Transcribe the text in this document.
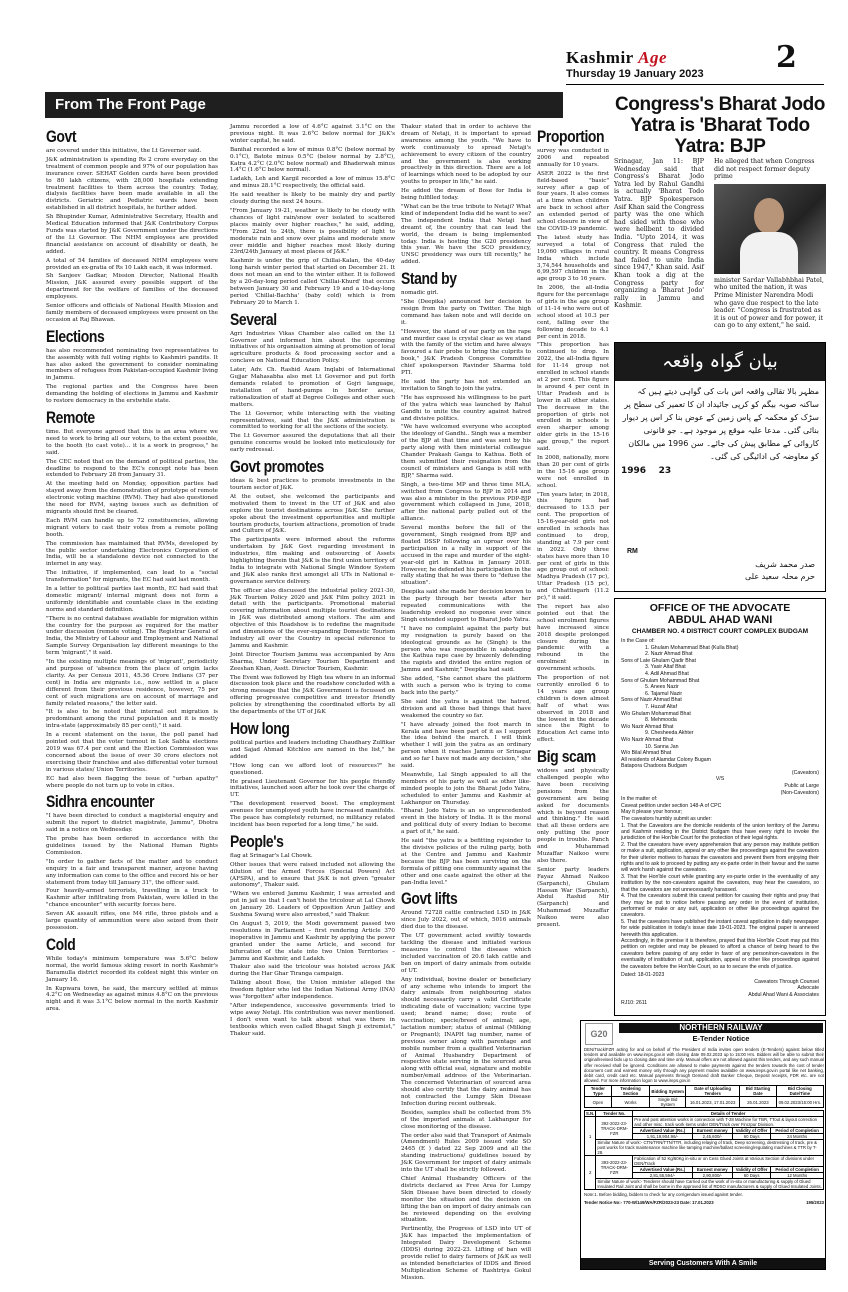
Kashmir Age
Thursday 19 January 2023 2
From The Front Page
Govt

are covered under this initiative, the Lt Governor said.

J&K administration is spending Rs 2 crore everyday on the treatment of common people and 97% of our population has insurance cover. SEHAT Golden cards have been provided to 80 lakh citizens, with 28,000 hospitals extending treatment facilities to them across the country. Today, dialysis facilities have been made available in all the districts. Geriatric and Pediatric wards have been established in all district hospitals, he further added.

Sh Bhupinder Kumar, Administrative Secretary, Health and Medical Education informed that J&K Contributory Corpus Funds was started by J&K Government under the directions of the Lt Governor. The NHM employees are provided financial assistance on account of disability or death, he added.

A total of 54 families of deceased NHM employees were provided an ex-gratia of Rs 10 Lakh each, it was informed.

Sh Sanjeev Gadkar, Mission Director, National Health Mission, J&K assured every possible support of the department for the welfare of families of the deceased employees.

Senior officers and officials of National Health Mission and family members of deceased employees were present on the occasion at Raj Bhawan.

Elections

has also recommended nominating two representatives to the assembly with full voting rights to Kashmiri pandits. It has also asked the government to consider nominating members of refugees from Pakistan-occupied Kashmir living in Jammu.

The regional parties and the Congress have been demanding the holding of elections in Jammu and Kashmir to restore democracy in the erstwhile state.

Remote

time. But everyone agreed that this is an area where we need to work to bring all our voters, to the extent possible, to the booth (to cast vote)... it is a work in progress," he said.

The CEC noted that on the demand of political parties, the deadline to respond to the EC's concept note has been extended to February 28 from January 31.

At the meeting held on Monday, opposition parties had stayed away from the demonstration of prototype of remote electronic voting machine (RVM). They had also questioned the need for RVM, saying issues such as definition of migrants should first be cleared.

Each RVM can handle up to 72 constituencies, allowing migrant voters to cast their votes from a remote polling booth.

The commission has maintained that RVMs, developed by the public sector undertaking Electronics Corporation of India, will be a standalone device not connected to the internet in any way.

The initiative, if implemented, can lead to a "social transformation" for migrants, the EC had said last month.

In a letter to political parties last month, EC had said that domestic migrant/ internal migrant does not form a uniformly identifiable and countable class in the existing norms and standard definition.

"There is no central database available for migration within the country for the purpose as required for the matter under discussion (remote voting). The Registrar General of India, the Ministry of Labour and Employment and National Sample Survey Organisation lay different meanings to the term 'migrant'," it said.

"In the existing multiple meanings of 'migrant', periodicity and purpose of 'absence from the place of origin lacks clarity. As per Census 2011, 45.36 Crore Indians (37 per cent) in India are migrants i.e., now settled in a place different from their previous residence, however, 75 per cent of such migrations are on account of marriage and family related reasons," the letter said.

"It is also to be noted that internal out migration is predominant among the rural population and it is mostly intra-state (approximately 85 per cent)," it said.

In a recent statement on the issue, the poll panel had pointed out that the voter turnout in Lok Sabha elections 2019 was 67.4 per cent and the Election Commission was concerned about the issue of over 30 crore electors not exercising their franchise and also differential voter turnout in various states/ Union Territories.

EC had also been flagging the issue of "urban apathy" where people do not turn up to vote in cities.

Sidhra encounter

"I have been directed to conduct a magisterial enquiry and submit the report to district magistrate, Jammu", Dhotra said in a notice on Wednesday.

The probe has been ordered in accordance with the guidelines issued by the National Human Rights Commission.

"In order to gather facts of the matter and to conduct enquiry in a fair and transparent manner, anyone having any information can come to the office and record his or her statement from today till January 31", the officer said.

Four heavily-armed terrorists, travelling in a truck to Kashmir after infiltrating from Pakistan, were killed in the "chance encounter" with security forces here.

Seven AK assault rifles, one M4 rifle, three pistols and a large quantity of ammunition were also seized from their possession.

Cold

While today's minimum temperature was 5.6°C below normal, the world famous skiing resort in north Kashmir's Baramulla district recorded its coldest night this winter on January 16.

In Kupwara town, he said, the mercury settled at minus 4.2°C on Wednesday as against minus 4.8°C on the previous night and it was 3.1°C below normal in the north Kashmir area.

Jammu recorded a low of 4.6°C against 3.1°C on the previous night. It was 2.6°C below normal for J&K's winter capital, he said.

Banihal recorded a low of minus 0.8°C (below normal by 0.1°C), Batote minus 0.5°C (below normal by 2.8°C), Katra 4.2°C (2.0°C below normal) and Bhaderwah minus 1.4°C (1.6°C below normal).

Ladakh, Leh and Kargil recorded a low of minus 15.8°C and minus 28.1°C respectively, the official said.

He said weather is likely to be mainly dry and partly cloudy during the next 24 hours.

"From January 19-21, weather is likely to be cloudy with chances of light rain/snow over isolated to scattered places mainly over higher reaches," he said, adding, "From 22nd to 24th, there is possibility of light to moderate rain and snow over plains and moderate snow over middle and higher reaches most likely during 23rd/24th January at most places of J&K."

Kashmir is under the grip of Chillai-Kalan, the 40-day long harsh winter period that started on December 21. It does not mean an end to the winter either. It is followed by a 20-day-long period called 'Chillai-Khurd' that occurs between January 30 and February 19 and a 10-day-long period 'Chillai-Bachha' (baby cold) which is from February 20 to March 1.

Several

Agri Industries Vikas Chamber also called on the Lt Governor and informed him about the upcoming initiatives of his organisation aiming at promotion of local agriculture products & food processing sector and a conclave on National Education Policy.

Later, Adv. Ch. Rashid Azam Inqlabi of International Gujjar Mahasabha also met Lt Governor and put forth demands related to promotion of Gojri language, installation of hand-pumps in border areas, rationalization of staff at Degree Colleges and other such matters.

The Lt Governor, while interacting with the visiting representatives, said that the J&K administration is committed to working for all the sections of the society.

The Lt Governor assured the deputations that all their genuine concerns would be looked into meticulously for early redressal.

Govt promotes

ideas & best practices to promote investments in the tourism sector of J&K.

At the outset, she welcomed the participants and motivated them to invest in the UT of J&K and also explore the tourist destinations across J&K. She further spoke about the investment opportunities and multiple tourism products, tourism attractions, promotion of trade and Culture of J&K.

The participants were informed about the reforms undertaken by J&K Govt regarding investment in industries, film making and outsourcing of Assets highlighting therein that J&K is the first union territory of India to integrate with National Single Window System and J&K also ranks first amongst all UTs in National e-governance service delivery.

The officer also discussed the industrial policy 2021-30, J&K Tourism Policy 2020 and J&K Film policy 2021 in detail with the participants. Promotional material covering information about multiple tourist destinations in J&K was distributed among visitors. The aim and objective of this Roadshow is to redefine the magnitude and dimensions of the ever-expanding Domestic Tourism Industry all over the Country in special reference to Jammu and Kashmir.

Joint Director Tourism Jammu was accompanied by Anu Sharma, Under Secretary Tourism Department and Zeeshan Khan, Asstt. Director Tourism, Kashmir.

The Event was followed by High tea where in an informal discussion took place and the roadshow concluded with a strong message that the J&K Government is focussed on offering progressive competitive and investor friendly policies by strengthening the coordinated efforts by all the departments of the UT of J&K

How long

political parties and leaders including Chaudhary Zulfikar and Sajad Ahmad Kitchloo are named in the list," he added

"How long can we afford loot of resources?" he questioned.

He praised Lieutenant Governor for his people friendly initiatives, launched soon after he took over the charge of UT.

"The development reserved boost. The employment avenues for unemployed youth have increased manifolds. The peace has completely returned, no militancy related incident has been reported for a long time," he said.

People's

flag at Srinagar's Lal Chowk.

Other issues that were raised included not allowing the dilution of the Armed Forces (Special Powers) Act (AFSPA), and to ensure that J&K is not given "greater autonomy", Thakur said.

"When we entered Jammu Kashmir, I was arrested and put in jail so that I can't hoist the tricolour at Lal Chowk on January 26. Leaders of Opposition Arun Jaitley and Sushma Swaraj were also arrested," said Thakur.

On August 5, 2019, the Modi government passed two resolutions in Parliament – first rendering Article 370 inoperative in Jammu and Kashmir by applying the power granted under the same Article, and second for bifurcation of the state into two Union Territories – Jammu and Kashmir, and Ladakh.

Thakur also said the tricolour was hoisted across J&K during the Har Ghar Tiranga campaign.

Talking about Bose, the Union minister alleged the freedom fighter who led the Indian National Army (INA) was "forgotten" after independence.

"After independence, successive governments tried to wipe away Netaji. His contribution was never mentioned. I don't even want to talk about what was there in textbooks which even called Bhagat Singh ji extremist," Thakur said.

Thakur stated that in order to achieve the dream of Netaji, it is important to spread awareness among the youth. "We have to work continuously to spread Netaji's achievement to every citizen of the country and the government is also working proactively in this direction. There are a lot of learnings which need to be adopted by our youths to prosper in life," he said.

He added the dream of Bose for India is being fulfilled today.

"What can be the true tribute to Netaji? What kind of independent India did he want to see? The independent India that Netaji had dreamt of, the country that can lead the world, the dream is being implemented today. India is hosting the G20 presidency this year. We have the SCO presidency, UNSC presidency was ours till recently," he added.

Stand by

nomadic girl.

"She (Deepika) announced her decision to resign from the party on Twitter. The high command has taken note and will decide on it.

"However, the stand of our party on the rape and murder case is crystal clear as we stand with the family of the victim and have always favoured a fair probe to bring the culprits to book," J&K Pradesh Congress Committee chief spokesperson Ravinder Sharma told PTI.

He said the party has not extended an invitation to Singh to join the yatra.

"He has expressed his willingness to be part of the yatra which was launched by Rahul Gandhi to unite the country against hatred and divisive politics.

"We have welcomed everyone who accepted the ideology of Gandhi.. Singh was a member of the BJP at that time and was sent by his party along with then ministerial colleague Chander Prakash Ganga to Kathua. Both of them submitted their resignation from the council of ministers and Ganga is still with BJP," Sharma said.

Singh, a two-time MP and three time MLA, switched from Congress to BJP in 2014 and was also a minister in the previous PDP-BJP government which collapsed in June, 2018, after the national party pulled out of the alliance.

Several months before the fall of the government, Singh resigned from BJP and floated DSSP following an uproar over his participation in a rally in support of the accused in the rape and murder of the eight-year-old girl in Kathua in January 2018. However, he defended his participation in the rally stating that he was there to "defuse the situation".

Deepika said she made her decision known to the party through her tweets after her repeated communications with the leadership evoked no response ever since Singh extended support to Bharat Jodo Yatra.

"I have no complaint against the party but my resignation is purely based on the ideological grounds as he (Singh) is the person who was responsible in sabotaging the Kathua rape case by brazenly defending the rapists and divided the entire region of Jammu and Kashmir," Deepika had said.

She added, "She cannot share the platform with such a person who is trying to come back into the party."

She said the yatra is against the hatred, division and all those bad things that have weakened the country so far.

"I have already joined the foot march in Kerala and have been part of it as I support the idea behind the march. I will think whether I will join the yatra as an ordinary person when it reaches Jammu or Srinagar and so far I have not made any decision," she said.

Meanwhile, Lal Singh appealed to all the members of his party as well as other like-minded people to join the Bharat Jodo Yatra, scheduled to enter Jammu and Kashmir at Lakhanpur on Thursday.

"Bharat Jodo Yatra is an so unprecedented event in the history of India. It is the moral and political duty of every Indian to become a part of it," he said.

He said "the yatra is a befitting rejoinder to the divisive policies of the ruling party, both at the Centre and Jammu and Kashmir because the BJP has been surviving on the formula of pitting one community against the other and one caste against the other at the pan-India level."

Govt lifts

Around 72728 cattle contracted LSD in J&K since July 2022, out of which, 5016 animals died due to the disease.

The UT government acted swiftly towards tackling the disease and initiated various measures to control the disease which included vaccination of 20.6 lakh cattle and ban on import of dairy animals from outside of UT.

Any individual, bovine dealer or beneficiary of any scheme who intends to import the dairy animals from neighbouring states should necessarily carry a valid Certificate indicating date of vaccination; vaccine type used; brand name; dose; route of vaccination; specie/breed of animal; age, lactation number; status of animal (Milking or Pregnant); INAPH tag number, name of previous owner along with parentage and mobile number from a qualified Veterinarian of Animal Husbandry Department of respective state serving in the sourced area along with official seal, signature and mobile number/email address of the Veterinarian. The concerned Veterinarian of sourced area should also certify that the dairy animal has not contracted the Lumpy Skin Disease Infection during recent outbreak.

Besides, samples shall be collected from 5% of the imported animals at Lakhanpur for close monitoring of the disease.

The order also said that Transport of Animals (Amendment) Rules 2009 issued vide SO 2465 (E ) dated 22 Sep 2009 and all the standing instructions/ guidelines issued by J&K Government for import of dairy animals into the UT shall be strictly followed.

Chief Animal Husbandry Officers of the districts declared as Free Area for Lumpy Skin Disease have been directed to closely monitor the situation and the decision on lifting the ban on import of dairy animals can be reviewed depending on the evolving situation.

Pertinently, the Progress of LSD into UT of J&K has impacted the implementation of Integrated Dairy Development Scheme (IDDS) during 2022-23. Lifting of ban will provide relief to dairy farmers of J&K as well as intended beneficiaries of IDDS and Breed Multiplication Scheme of Rashtriya Gokul Mission.

Proportion

survey was conducted in 2006 and repeated annually for 10 years.

ASER 2022 is the first field-based "basic" survey after a gap of four years. It also comes at a time when children are back in school after an extended period of school closure in view of the COVID-19 pandemic.

The latest study has surveyed a total of 19,060 villages in rural India which include 3,74,544 households and 6,99,597 children in the age group 3 to 16 years.

In 2006, the all-India figure for the percentage of girls in the age group of 11-14 who were out of school stood at 10.3 per cent, falling over the following decade to 4.1 per cent in 2018.

"This proportion has continued to drop. In 2022, the all-India figure for 11-14 group not enrolled in school stands at 2 per cent. This figure is around 4 per cent in Uttar Pradesh and is lower in all other states. The decrease in the proportion of girls not enrolled in schools is even sharper among older girls in the 15-16 age group," the report said.

In 2008, nationally, more than 20 per cent of girls in the 15-16 age group were not enrolled in school.

"Ten years later, in 2018, this figure had decreased to 13.5 per cent. The proportion of 15-16-year-old girls not enrolled in schools has continued to drop, standing at 7.9 per cent in 2022. Only three states have more than 10 per cent of girls in this age group out of school: Madhya Pradesh (17 pc), Uttar Pradesh (15 pc), and Chhattisgarh (11.2 pc)," it said.

The report has also pointed out that the school enrolment figures have increased since 2018 despite prolonged closure during the pandemic with a rebound in the enrolment in government schools.

The proportion of not currently enrolled 6 to 14 years age group children is down almost half of what was observed in 2018 and the lowest in the decade since the Right to Education Act came into effect.

Big scam

widows and physically challenged people who have been receiving pensions from the government are being asked for documents which is beyond reason and thinking." He said that all these orders are only putting the poor people in trouble. Panch and Muhammad Muzaffar Naikoo were also there.

Senior party leaders Fayaz Ahmad Naikoo (Sarpanch), Ghulam Hassan War (Sarpanch), Abdul Rashid Mir (Sarpanch) and Muhammad Muzaffar Naikoo were also present.

Congress's Bharat Jodo Yatra is 'Bharat Todo Yatra: BJP
Srinagar, Jan 11: BJP Wednesday said that Congress's Bharat Jodo Yatra led by Rahul Gandhi is actually 'Bharat Todo Yatra. BJP Spokesperson Asif Khan said the Congress party was the one which had sided with those who were hellbent to divided India. "Upto 2014, it was Congress that ruled the country. It means Congress had failed to unite India since 1947," Khan said. Asif Khan took a dig at the Congress party for organizing a 'Bharat Jodo' rally in Jammu and Kashmir.
He alleged that when Congress did not respect former deputy prime
minister Sardar Vallabhbhai Patel, who united the nation, it was Prime Minister Narendra Modi who gave due respect to the late leader. "Congress is frustrated as it is out of power and for power, it can go to any extent," he said.
بیان گواہ واقعہ
مظہر بالا تقالی واقعہ اس بات کی گواہی دیتے ہیں کہ ساکنہ صوبہ بیگم کو کرپی جائیداد ان کا تعمیر کی سطح پر سڑک کو محکمہ کے پاس زمین کے عوض بنا کر اس پر دیوار بنائی گئی۔ مدعا علیہ موقع پر موجود ہے۔ جو قانونی کاروائی کے مطابق پیش کی جائے۔ سن 1996 میں مالکان کو معاوضہ کی ادائیگی کی گئی۔
1996 23
RM
صدر محمد شریف
حرم محلہ سعید علی
OFFICE OF THE ADVOCATE
ABDUL AHAD WANI
CHAMBER NO. 4 DISTRICT COURT COMPLEX BUDGAM
In the Case of:
1. Ghulam Mohammad Bhat (Kulla Bhat)
2. Nazir Ahmad Bhat
Sons of Late Ghulam Qadir Bhat
3. Yasir Altaf Bhat
4. Adil Ahmad Bhat
Sons of Ghulam Mohammad Bhat
5. Anees Nazir
6. Tajamul Nazir
Sons of Nazir Ahmad Bhat
7. Huzaif Altaf
W/o Ghulam Mohammad Bhat
8. Mehmooda
W/o Nazir Ahmad Bhat
9. Chesheeda Akhter
W/o Nazir Ahmad Bhat
10. Sanna Jan
W/o Bilal Ahmad Bhat
All residents of Alamdar Colony Bugam
Batapora Chadoora Budgam
(Caveators)
V/S
Public at Large
(Non-Caveators)
In the matter of:
Caveat petition under section 148-A of CPC
May it please your honour;
The caveators humbly submit as under:

1. That the Caveators are the domicile residents of the union territory of the Jammu and Kashmir residing in the District Budgam thus have every right to invoke the jurisdiction of the Hon'ble Court for the protection of their legal rights.

2. That the caveators have every apprehension that any person may institute petition or make a suit, application, appeal or any other like proceedings against the caveators for their ulterior motives to harass the caveators and prevent them from enjoying their rights and to ask to proceed by putting any ex-parte order in their favour and the same will work harsh against the caveators.

3. That the Hon'ble court while granting any ex-parte order in the eventuality of any institution by the non-caveators against the caveators, may hear the caveators, so that the caveators are not unnecessarily harassed.

4. That the caveators submit this caveat petition for causing their rights and pray that they may be put to notice before passing any order in the event of institution, performed or make or any suit, application or other like proceedings against the caveators.

5. That the caveators have published the instant caveat application in daily newspaper for wide publication in today's issue date 19-01-2023. The original paper is annexed herewith this application.

Accordingly, in the premise it is therefore, prayed that this Hon'ble Court may put this petition on register and may be pleased to afford a chance of being heard to the caveators before passing of any order in favor of any person/non-caveators in the eventuality of institution of suit, application, appeal or other like proceedings against the caveators before the Hon'ble Court, so as to secure the ends of justice.

Dated: 18-01-2023
Caveators Through Counsel
Advocate
Abdul Ahad Wani & Associates
RJ10: 2611
G20
NORTHERN RAILWAY
E-Tender Notice
DEN/Track/FZR acting for and on behalf of The President of India invites open tenders (E-Tenders) against below titled tenders and available on www.ireps.gov.in with closing date 09.02.2023 up to 15:00 Hrs. Bidders will be able to submit their original/revised bids up to closing date and time only. Manual offers are not allowed against this tenders, and any such manual offer received shall be ignored. Conditions are allowed to make payments against the tenders towards the cost of tender document cost and earnest money only through any payment modes available on www.ireps.gov.in portal like net banking, debit card, credit card etc. Manual payments through Demand draft Banker Cheque, Deposit receipts, FDR etc. are not allowed. For more information logon to www.ireps.gov.in
Tender Type	Tendering Section	Bidding System	Date of Uploading Tenders	Bid Starting Date	Bid Closing Date/Time
Open	Works	Single Bid System	16.01.2023, 17.01.2023	26.01.2023	09.02.2023/15:00 Hrs.
S.N.	Tender No.	Details of Tender			
1	392-2022-23-TRACK-DRM-FZR	Pre and post attention works in connection with T-28 Machine for TBR, TTout & layout correction and other misc. track work items under DEN/Track over Firozpur Division.			
		Advertised Value (Rs.)	Earnest money	Validity of Offer	Period of Completion
		1,91,19,904.96/-	2,45,600/-	60 Days	24 Months
	Similar Nature of work:- CTN/TRN/TTN/TTR, including relaying of track, Deep screening, destressing of track, pre & post works for track maintenance machine like tamping machine/ballast screening/regulating machines & TTR by T-28.				
2	393-2022-23-TRACK-DRM-FZR	Fabrication of 52 Kg/60Kg in-situ or on Cess Glued Joints at Various Section of divisions under DEN/Track			
		Advertised Value (Rs.)	Earnest money	Validity of Offer	Period of Completion
		2,81,55,594/-	2,90,800/-	60 Days	12 Months
	Similar Nature of work:- Tenderer should have Carried out the work of in-situ or manufacturing & supply of Glued Insulated Rail Joint and shall be borne in the approved list of RDSO manufacturers & supply of Glued Insulated Joints.				
Note:1. Before bidding, bidders to check for any corrigendum issued against tender.
Tender Notice No:- 770-W/149/WA/FZR/2023-23 Date: 17.01.2023	195/2023
Serving Customers With A Smile
